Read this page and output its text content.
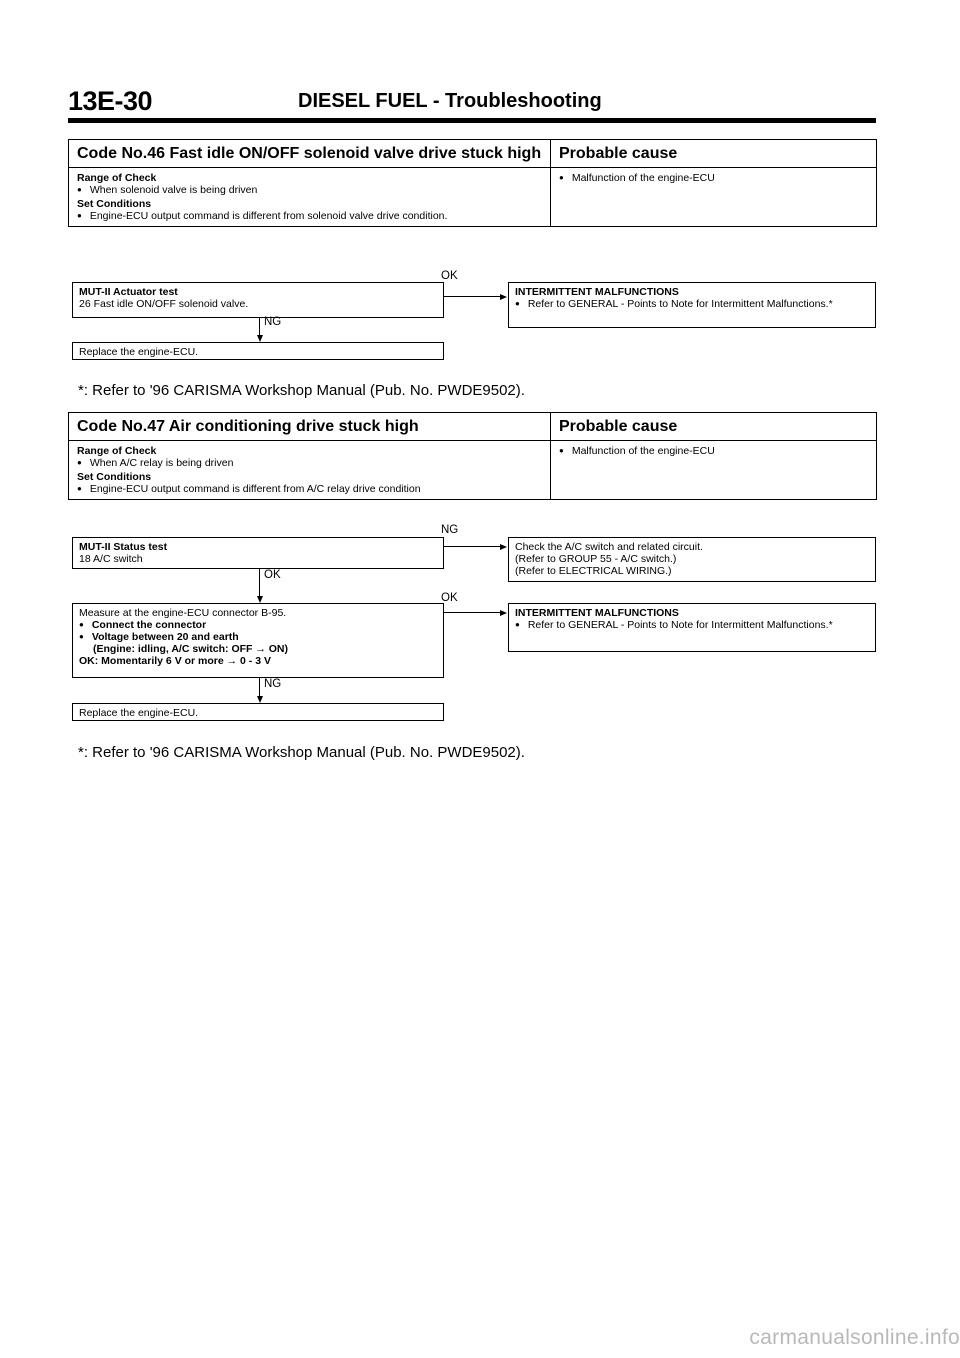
13E-30	DIESEL FUEL - Troubleshooting
Code No.46 Fast idle ON/OFF solenoid valve drive stuck high	Probable cause

Range of Check
● When solenoid valve is being driven
Set Conditions
● Engine-ECU output command is different from solenoid valve drive condition.	● Malfunction of the engine-ECU
MUT-II Actuator test
26 Fast idle ON/OFF solenoid valve.
OK
INTERMITTENT MALFUNCTIONS
● Refer to GENERAL - Points to Note for Intermittent Malfunctions.*
NG
Replace the engine-ECU.
*: Refer to '96 CARISMA Workshop Manual (Pub. No. PWDE9502).
Code No.47 Air conditioning drive stuck high	Probable cause

Range of Check
● When A/C relay is being driven
Set Conditions
● Engine-ECU output command is different from A/C relay drive condition	● Malfunction of the engine-ECU
MUT-II Status test
18 A/C switch
NG
Check the A/C switch and related circuit.
(Refer to GROUP 55 - A/C switch.)
(Refer to ELECTRICAL WIRING.)
OK
Measure at the engine-ECU connector B-95.
● Connect the connector
● Voltage between 20 and earth
(Engine: idling, A/C switch: OFF → ON)
OK: Momentarily 6 V or more → 0 - 3 V
OK
INTERMITTENT MALFUNCTIONS
● Refer to GENERAL - Points to Note for Intermittent Malfunctions.*
NG
Replace the engine-ECU.
*: Refer to '96 CARISMA Workshop Manual (Pub. No. PWDE9502).
carmanualsonline.info
